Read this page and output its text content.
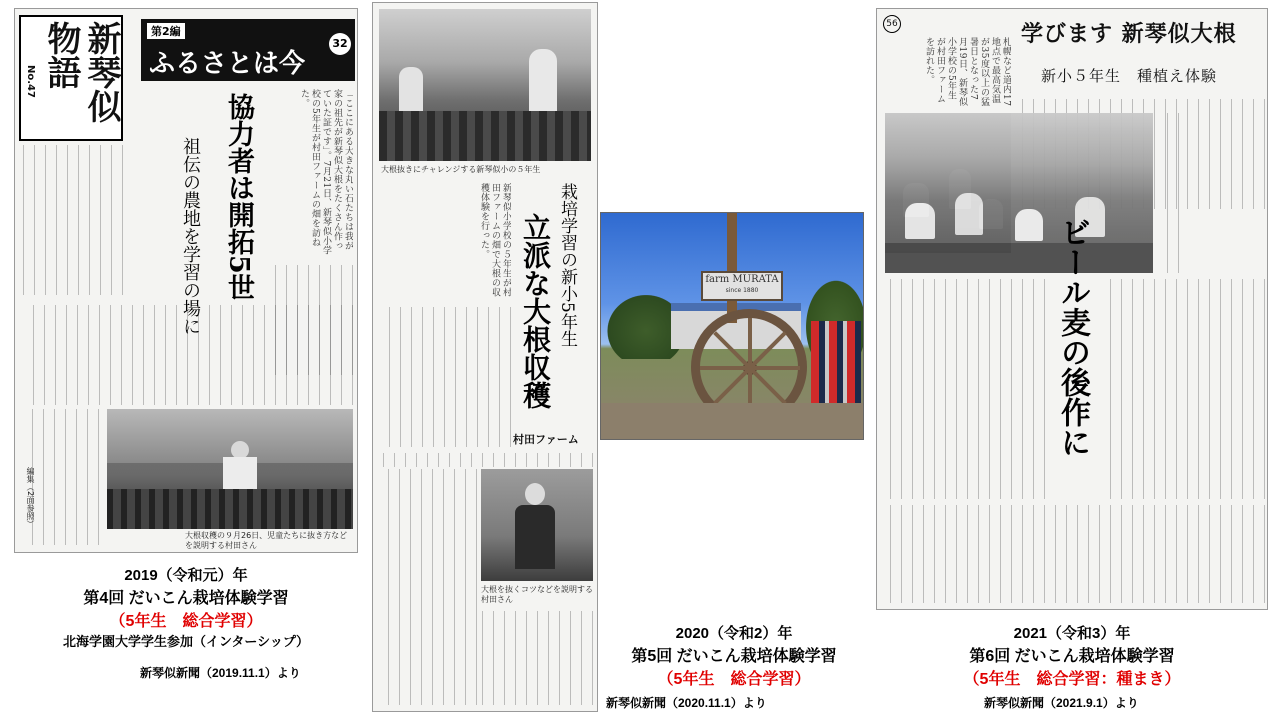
No.47	新琴似物語	第2編
ふるさとは今
32
協力者は開拓5世
祖伝の農地を学習の場に	「ここにある大きな丸い石たちは我が家の祖先が新琴似大根をたくさん作っていた証です」。7月21日、新琴似小学校の5年生が村田ファームの畑を訪ねた。
大根収穫の９月26日、児童たちに抜き方などを説明する村田さん
編集（2面参照）
大根抜きにチャレンジする新琴似小の５年生
栽培学習の新小5年生
立派な大根収穫
村田ファーム
新琴似小学校の５年生が村田ファームの畑で大根の収穫体験を行った。
大根を抜くコツなどを説明する村田さん
farm MURATA
since 1880
学びます 新琴似大根
新小５年生　種植え体験
56
札幌など道内17地点で最高気温が35度以上の猛暑日となった7月19日、新琴似小学校の5年生が村田ファームを訪れた。
ビール麦の後作に
2019（令和元）年
第4回 だいこん栽培体験学習
（5年生　総合学習）
北海学園大学学生参加（インターシップ）
新琴似新聞（2019.11.1）より
2020（令和2）年
第5回 だいこん栽培体験学習
（5年生　総合学習）
新琴似新聞（2020.11.1）より
2021（令和3）年
第6回 だいこん栽培体験学習
（5年生　総合学習：種まき）
新琴似新聞（2021.9.1）より
